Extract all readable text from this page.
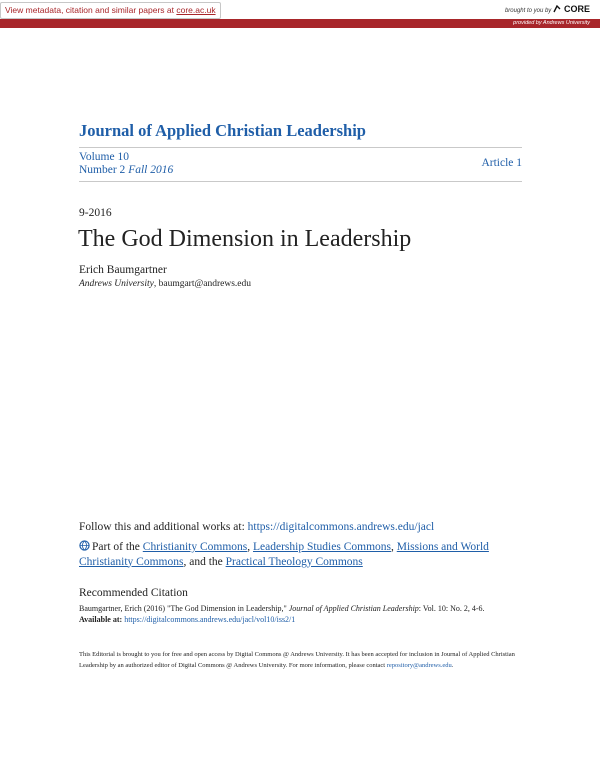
View metadata, citation and similar papers at core.ac.uk	brought to you by CORE
provided by Andrews University
Journal of Applied Christian Leadership
Volume 10
Number 2 Fall 2016
Article 1
9-2016
The God Dimension in Leadership
Erich Baumgartner
Andrews University, baumgart@andrews.edu
Follow this and additional works at: https://digitalcommons.andrews.edu/jacl
Part of the Christianity Commons, Leadership Studies Commons, Missions and World Christianity Commons, and the Practical Theology Commons
Recommended Citation
Baumgartner, Erich (2016) "The God Dimension in Leadership," Journal of Applied Christian Leadership: Vol. 10: No. 2, 4-6.
Available at: https://digitalcommons.andrews.edu/jacl/vol10/iss2/1
This Editorial is brought to you for free and open access by Digital Commons @ Andrews University. It has been accepted for inclusion in Journal of Applied Christian Leadership by an authorized editor of Digital Commons @ Andrews University. For more information, please contact repository@andrews.edu.
